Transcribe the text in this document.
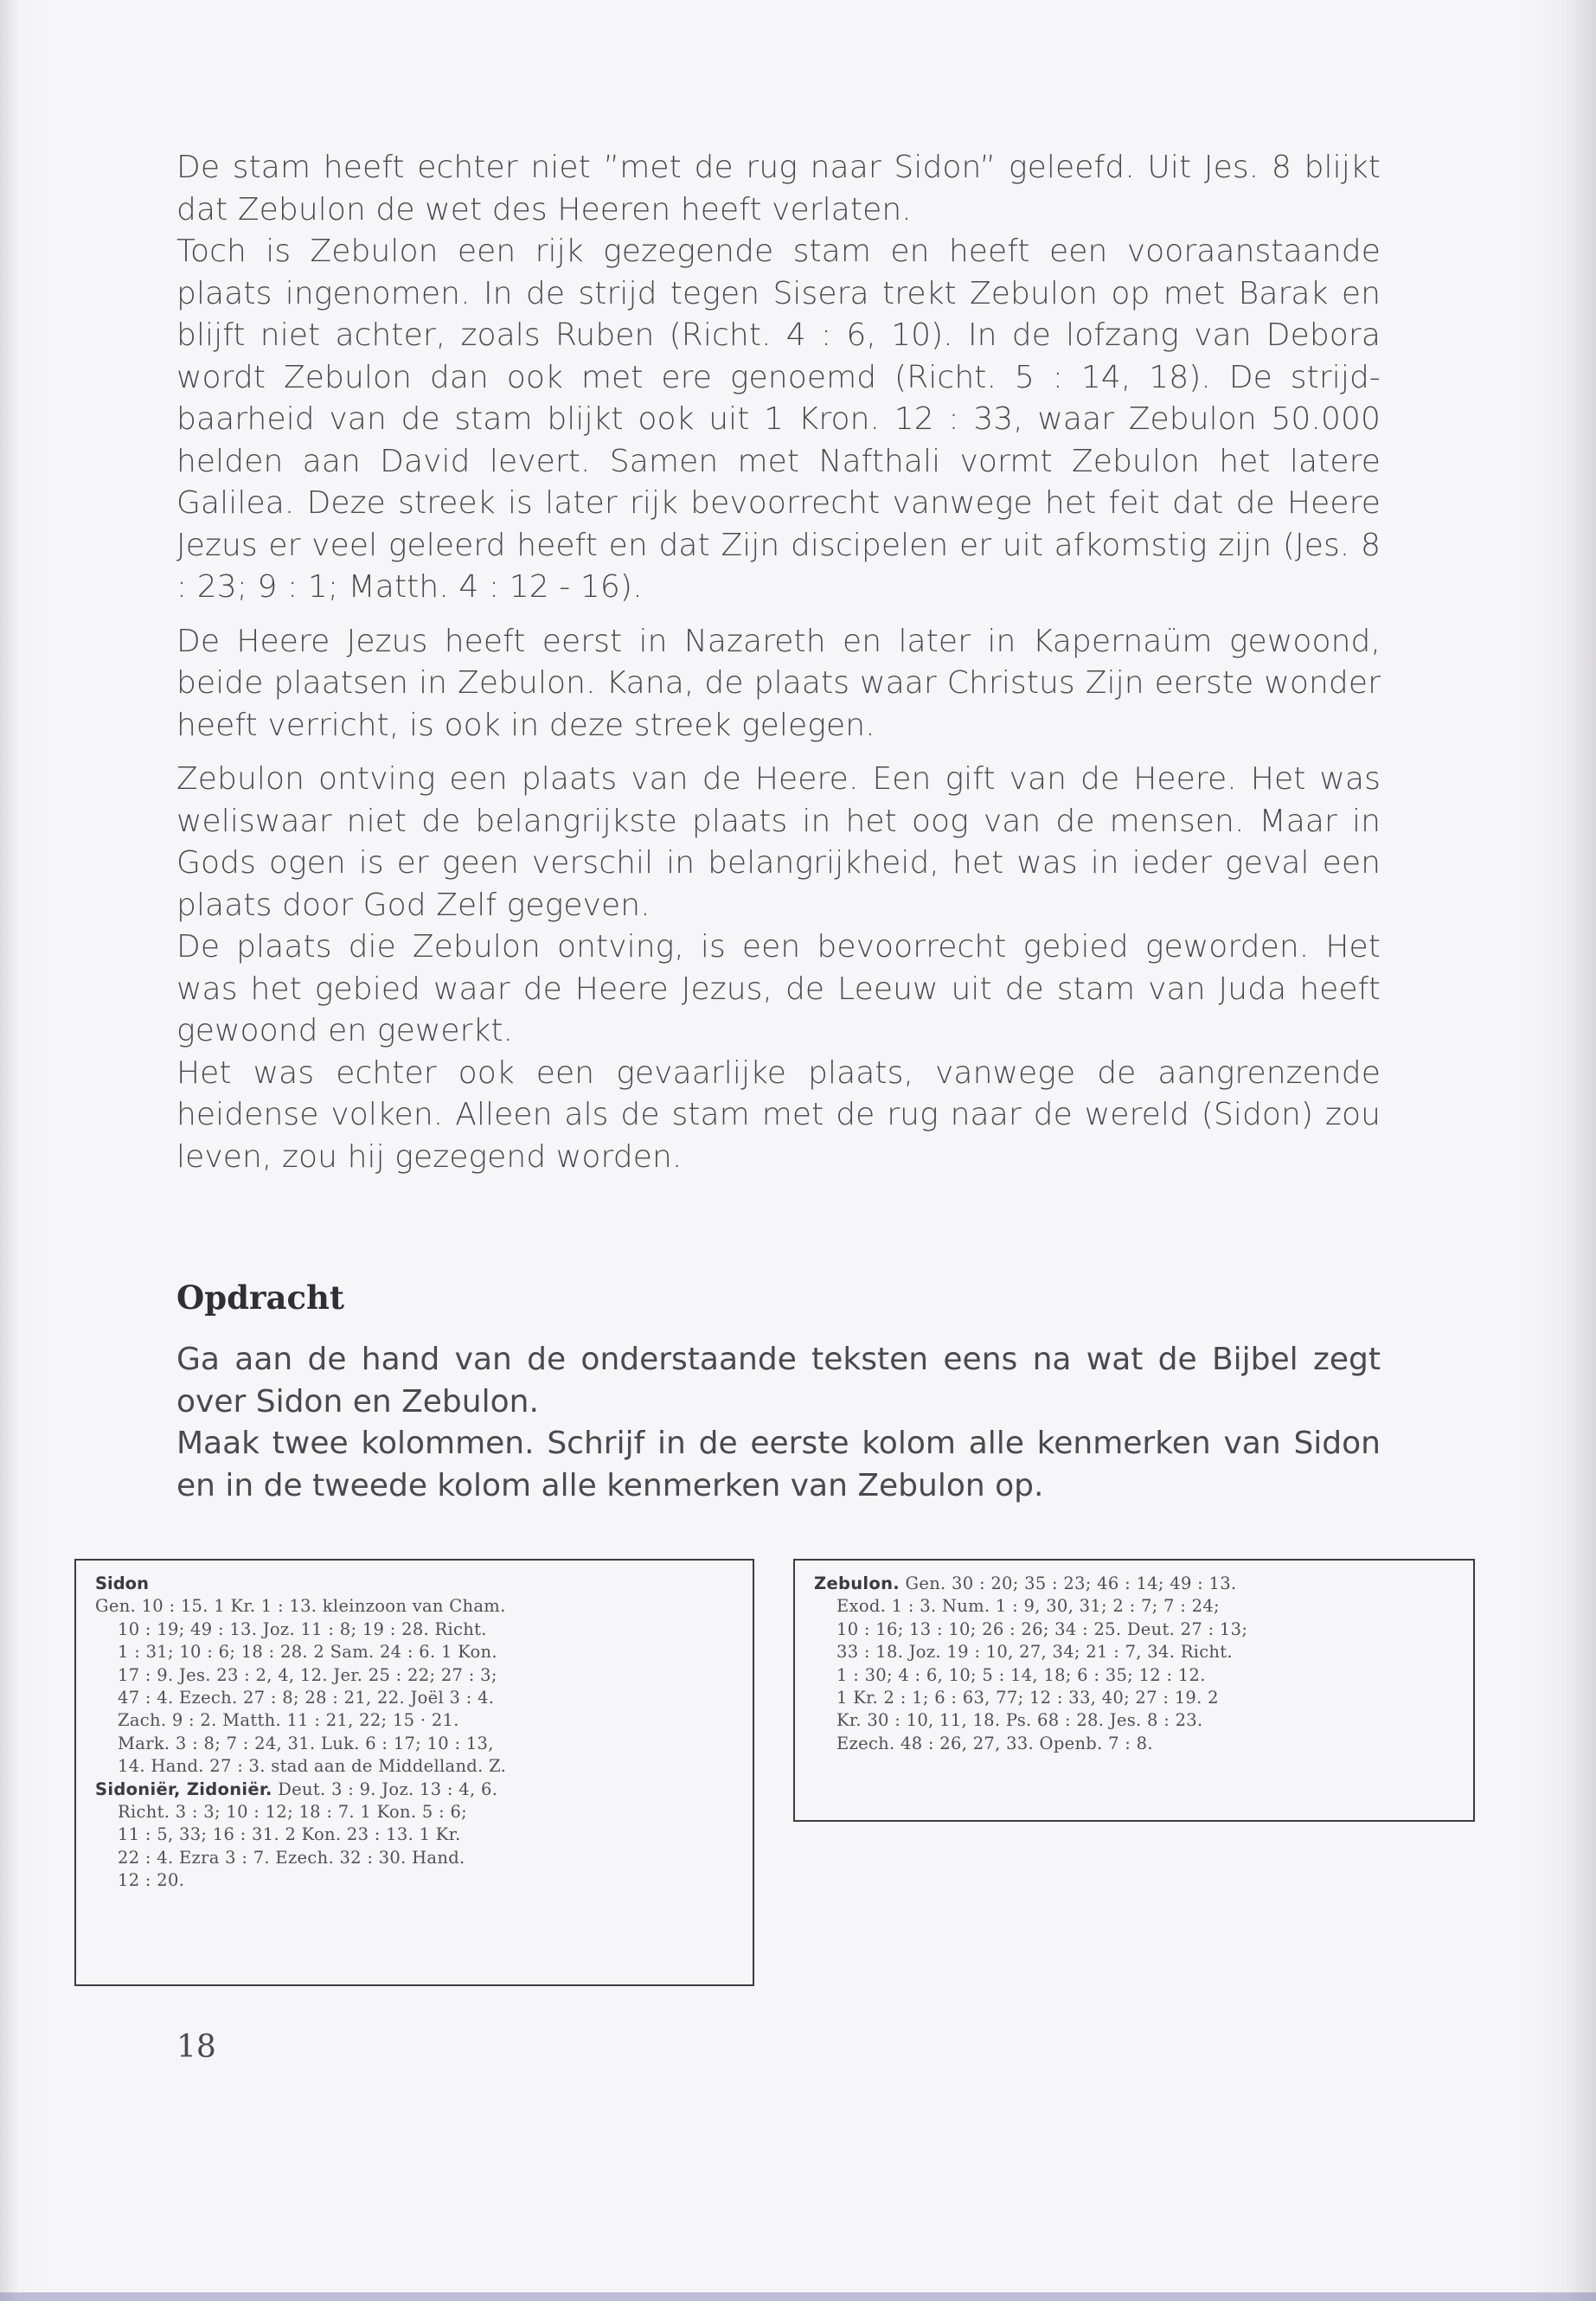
De stam heeft echter niet ”met de rug naar Sidon” geleefd. Uit Jes. 8 blijkt dat Zebulon de wet des Heeren heeft verlaten.

Toch is Zebulon een rijk gezegende stam en heeft een vooraanstaande plaats ingenomen. In de strijd tegen Sisera trekt Zebulon op met Barak en blijft niet achter, zoals Ruben (Richt. 4 : 6, 10). In de lofzang van Debora wordt Zebulon dan ook met ere genoemd (Richt. 5 : 14, 18). De strijd-baarheid van de stam blijkt ook uit 1 Kron. 12 : 33, waar Zebulon 50.000 helden aan David levert. Samen met Nafthali vormt Zebulon het latere Galilea. Deze streek is later rijk bevoorrecht vanwege het feit dat de Heere Jezus er veel geleerd heeft en dat Zijn discipelen er uit afkomstig zijn (Jes. 8 : 23; 9 : 1; Matth. 4 : 12 - 16).

De Heere Jezus heeft eerst in Nazareth en later in Kapernaüm gewoond, beide plaatsen in Zebulon. Kana, de plaats waar Christus Zijn eerste wonder heeft verricht, is ook in deze streek gelegen.

Zebulon ontving een plaats van de Heere. Een gift van de Heere. Het was weliswaar niet de belangrijkste plaats in het oog van de mensen. Maar in Gods ogen is er geen verschil in belangrijkheid, het was in ieder geval een plaats door God Zelf gegeven.

De plaats die Zebulon ontving, is een bevoorrecht gebied geworden. Het was het gebied waar de Heere Jezus, de Leeuw uit de stam van Juda heeft gewoond en gewerkt.

Het was echter ook een gevaarlijke plaats, vanwege de aangrenzende heidense volken. Alleen als de stam met de rug naar de wereld (Sidon) zou leven, zou hij gezegend worden.

Opdracht

Ga aan de hand van de onderstaande teksten eens na wat de Bijbel zegt over Sidon en Zebulon.

Maak twee kolommen. Schrijf in de eerste kolom alle kenmerken van Sidon en in de tweede kolom alle kenmerken van Zebulon op.

Sidon
Gen. 10 : 15. 1 Kr. 1 : 13. kleinzoon van Cham.
10 : 19; 49 : 13. Joz. 11 : 8; 19 : 28. Richt.
1 : 31; 10 : 6; 18 : 28. 2 Sam. 24 : 6. 1 Kon.
17 : 9. Jes. 23 : 2, 4, 12. Jer. 25 : 22; 27 : 3;
47 : 4. Ezech. 27 : 8; 28 : 21, 22. Joël 3 : 4.
Zach. 9 : 2. Matth. 11 : 21, 22; 15 · 21.
Mark. 3 : 8; 7 : 24, 31. Luk. 6 : 17; 10 : 13,
14. Hand. 27 : 3. stad aan de Middelland. Z.
Sidoniër, Zidoniër. Deut. 3 : 9. Joz. 13 : 4, 6.
Richt. 3 : 3; 10 : 12; 18 : 7. 1 Kon. 5 : 6;
11 : 5, 33; 16 : 31. 2 Kon. 23 : 13. 1 Kr.
22 : 4. Ezra 3 : 7. Ezech. 32 : 30. Hand.
12 : 20.
Zebulon. Gen. 30 : 20; 35 : 23; 46 : 14; 49 : 13.
Exod. 1 : 3. Num. 1 : 9, 30, 31; 2 : 7; 7 : 24;
10 : 16; 13 : 10; 26 : 26; 34 : 25. Deut. 27 : 13;
33 : 18. Joz. 19 : 10, 27, 34; 21 : 7, 34. Richt.
1 : 30; 4 : 6, 10; 5 : 14, 18; 6 : 35; 12 : 12.
1 Kr. 2 : 1; 6 : 63, 77; 12 : 33, 40; 27 : 19. 2
Kr. 30 : 10, 11, 18. Ps. 68 : 28. Jes. 8 : 23.
Ezech. 48 : 26, 27, 33. Openb. 7 : 8.
18
